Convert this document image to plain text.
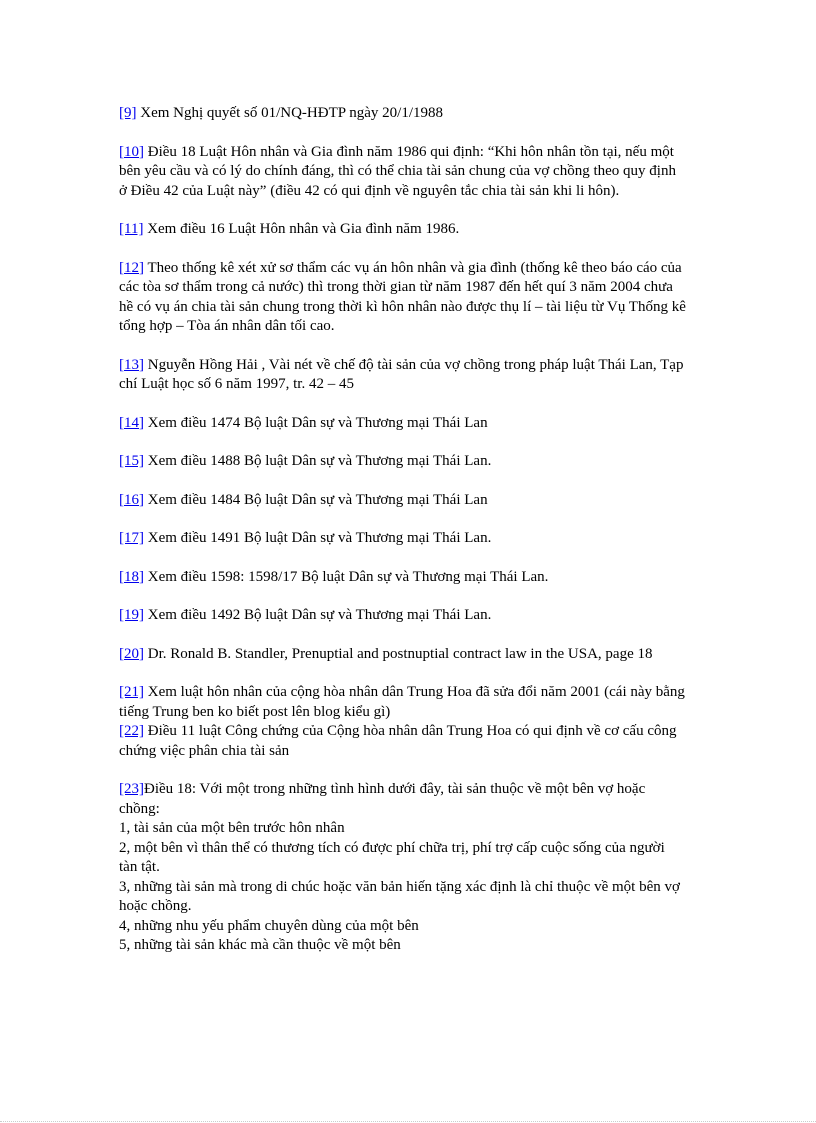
[9] Xem Nghị quyết số 01/NQ-HĐTP ngày 20/1/1988

[10] Điều 18 Luật Hôn nhân và Gia đình năm 1986 qui định: “Khi hôn nhân tồn tại, nếu một bên yêu cầu và có lý do chính đáng, thì có thể chia tài sản chung của vợ chồng theo quy định ở Điều 42 của Luật này” (điều 42 có qui định về nguyên tắc chia tài sản khi li hôn).

[11] Xem điều 16 Luật Hôn nhân và Gia đình năm 1986.

[12] Theo thống kê xét xử sơ thẩm các vụ án hôn nhân và gia đình (thống kê theo báo cáo của các tòa sơ thẩm trong cả nước) thì trong thời gian từ năm 1987 đến hết quí 3 năm 2004 chưa hề có vụ án chia tài sản chung trong thời kì hôn nhân nào được thụ lí – tài liệu từ Vụ Thống kê tổng hợp – Tòa án nhân dân tối cao.

[13] Nguyễn Hồng Hải , Vài nét về chế độ tài sản của vợ chồng trong pháp luật Thái Lan, Tạp chí Luật học số 6 năm 1997, tr. 42 – 45

[14] Xem điều 1474 Bộ luật Dân sự và Thương mại Thái Lan

[15] Xem điều 1488 Bộ luật Dân sự và Thương mại Thái Lan.

[16] Xem điều 1484 Bộ luật Dân sự và Thương mại Thái Lan

[17] Xem điều 1491 Bộ luật Dân sự và Thương mại Thái Lan.

[18] Xem điều 1598: 1598/17 Bộ luật Dân sự và Thương mại Thái Lan.

[19] Xem điều 1492 Bộ luật Dân sự và Thương mại Thái Lan.

[20] Dr. Ronald B. Standler, Prenuptial and postnuptial contract law in the USA, page 18

[21] Xem luật hôn nhân của cộng hòa nhân dân Trung Hoa đã sửa đổi năm 2001 (cái này bằng tiếng Trung ben ko biết post lên blog kiểu gì)

[22] Điều 11 luật Công chứng của Cộng hòa nhân dân Trung Hoa có qui định về cơ cấu công chứng việc phân chia tài sản

[23]Điều 18: Với một trong những tình hình dưới đây, tài sản thuộc về một bên vợ hoặc chồng:

1, tài sản của một bên trước hôn nhân

2, một bên vì thân thể có thương tích có được phí chữa trị, phí trợ cấp cuộc sống của người tàn tật.

3, những tài sản mà trong di chúc hoặc văn bản hiến tặng xác định là chỉ thuộc về một bên vợ hoặc chồng.

4, những nhu yếu phẩm chuyên dùng của một bên

5, những tài sản khác mà cần thuộc về một bên
